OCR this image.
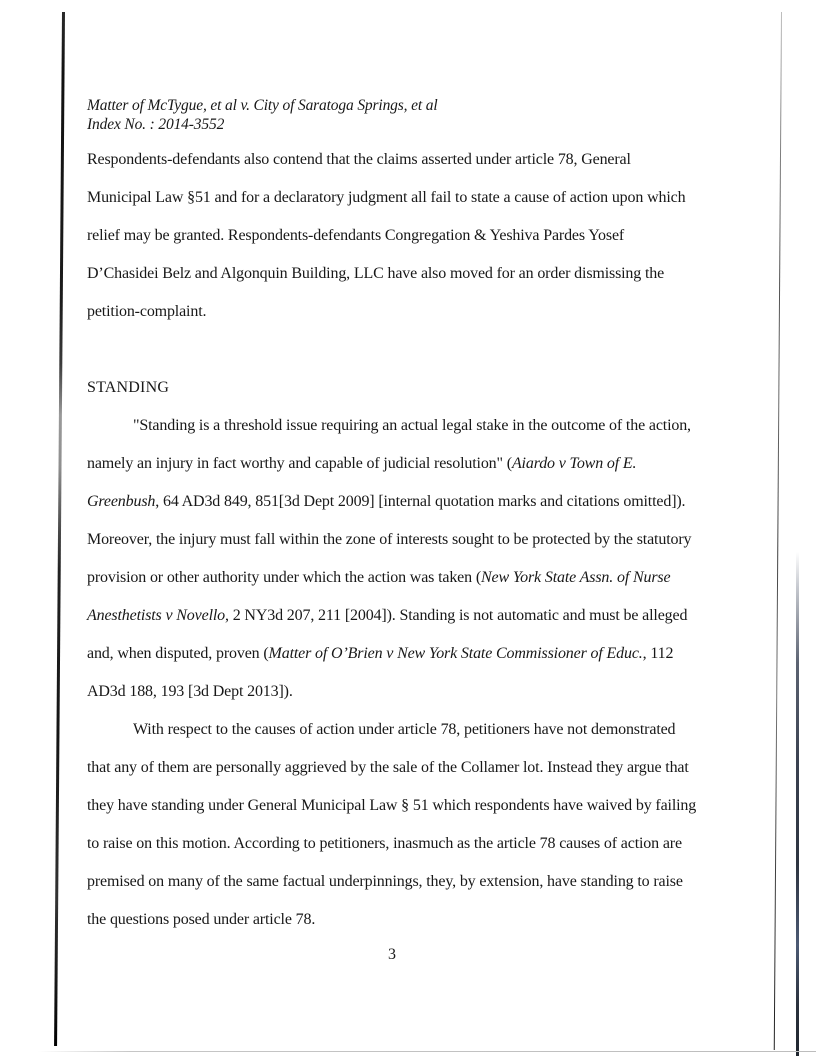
Matter of McTygue, et al v. City of Saratoga Springs, et al
Index No. : 2014-3552
Respondents-defendants also contend that the claims asserted under article 78, General
Municipal Law §51 and for a declaratory judgment all fail to state a cause of action upon which
relief may be granted. Respondents-defendants Congregation & Yeshiva Pardes Yosef
D’Chasidei Belz and Algonquin Building, LLC have also moved for an order dismissing the
petition-complaint.
STANDING
"Standing is a threshold issue requiring an actual legal stake in the outcome of the action,
namely an injury in fact worthy and capable of judicial resolution" (Aiardo v Town of E.
Greenbush, 64 AD3d 849, 851[3d Dept 2009] [internal quotation marks and citations omitted]).
Moreover, the injury must fall within the zone of interests sought to be protected by the statutory
provision or other authority under which the action was taken (New York State Assn. of Nurse
Anesthetists v Novello, 2 NY3d 207, 211 [2004]). Standing is not automatic and must be alleged
and, when disputed, proven (Matter of O’Brien v New York State Commissioner of Educ., 112
AD3d 188, 193 [3d Dept 2013]).
With respect to the causes of action under article 78, petitioners have not demonstrated
that any of them are personally aggrieved by the sale of the Collamer lot. Instead they argue that
they have standing under General Municipal Law § 51 which respondents have waived by failing
to raise on this motion. According to petitioners, inasmuch as the article 78 causes of action are
premised on many of the same factual underpinnings, they, by extension, have standing to raise
the questions posed under article 78.
3
